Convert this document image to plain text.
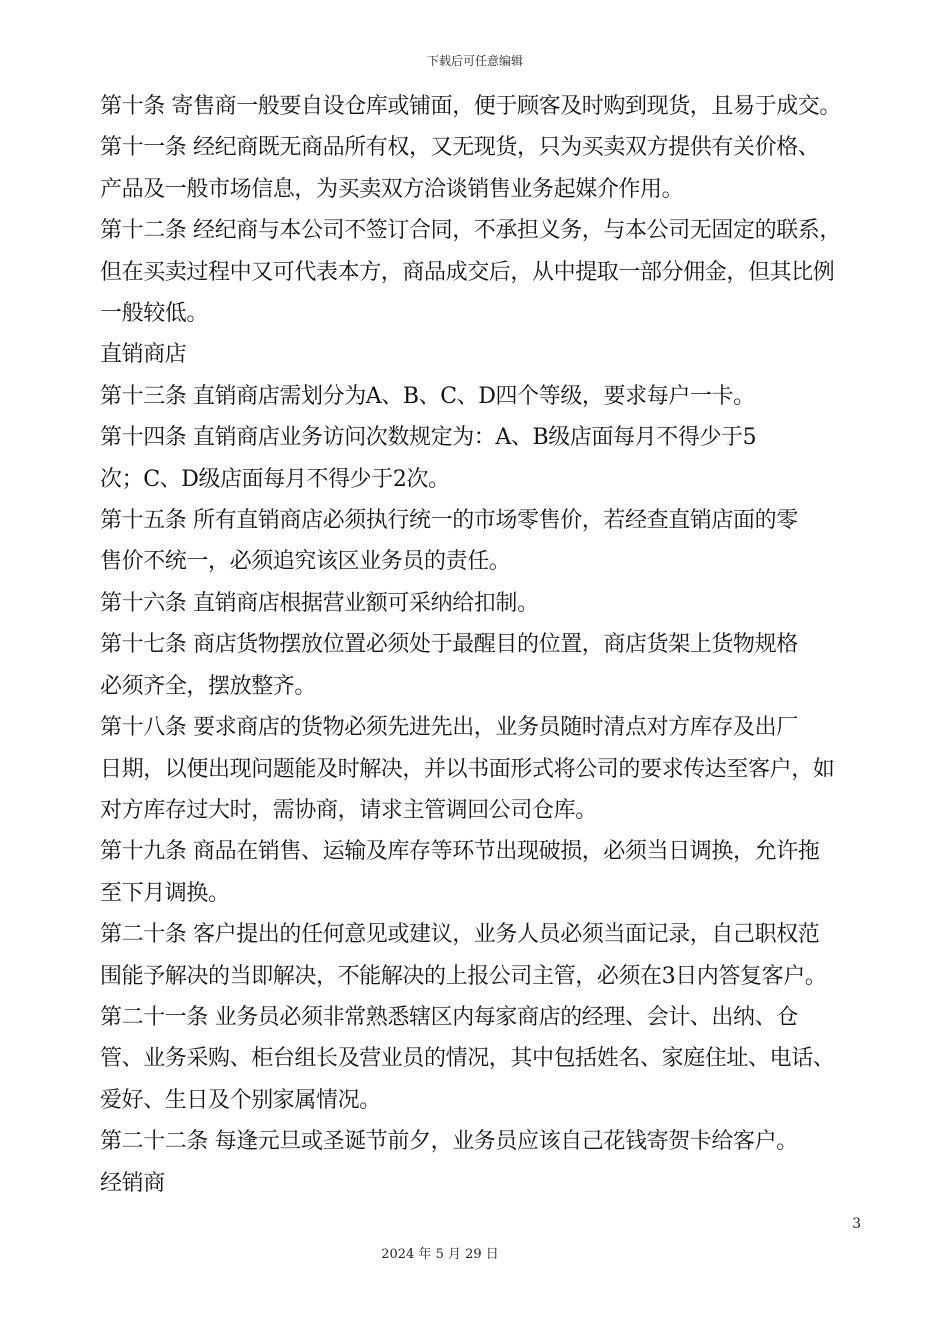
下载后可任意编辑

第十条 寄售商一般要自设仓库或铺面，便于顾客及时购到现货，且易于成交。

第十一条 经纪商既无商品所有权，又无现货，只为买卖双方提供有关价格、

产品及一般市场信息，为买卖双方洽谈销售业务起媒介作用。

第十二条 经纪商与本公司不签订合同，不承担义务，与本公司无固定的联系，

但在买卖过程中又可代表本方，商品成交后，从中提取一部分佣金，但其比例

一般较低。

直销商店

第十三条 直销商店需划分为A、B、C、D四个等级，要求每户一卡。

第十四条 直销商店业务访问次数规定为：A、B级店面每月不得少于5

次；C、D级店面每月不得少于2次。

第十五条 所有直销商店必须执行统一的市场零售价，若经查直销店面的零

售价不统一，必须追究该区业务员的责任。

第十六条 直销商店根据营业额可采纳给扣制。

第十七条 商店货物摆放位置必须处于最醒目的位置，商店货架上货物规格

必须齐全，摆放整齐。

第十八条 要求商店的货物必须先进先出，业务员随时清点对方库存及出厂

日期，以便出现问题能及时解决，并以书面形式将公司的要求传达至客户，如

对方库存过大时，需协商，请求主管调回公司仓库。

第十九条 商品在销售、运输及库存等环节出现破损，必须当日调换，允许拖

至下月调换。

第二十条 客户提出的任何意见或建议，业务人员必须当面记录，自己职权范

围能予解决的当即解决，不能解决的上报公司主管，必须在3日内答复客户。

第二十一条 业务员必须非常熟悉辖区内每家商店的经理、会计、出纳、仓

管、业务采购、柜台组长及营业员的情况，其中包括姓名、家庭住址、电话、

爱好、生日及个别家属情况。

第二十二条 每逢元旦或圣诞节前夕，业务员应该自己花钱寄贺卡给客户。

经销商

3
2024 年 5 月 29 日
